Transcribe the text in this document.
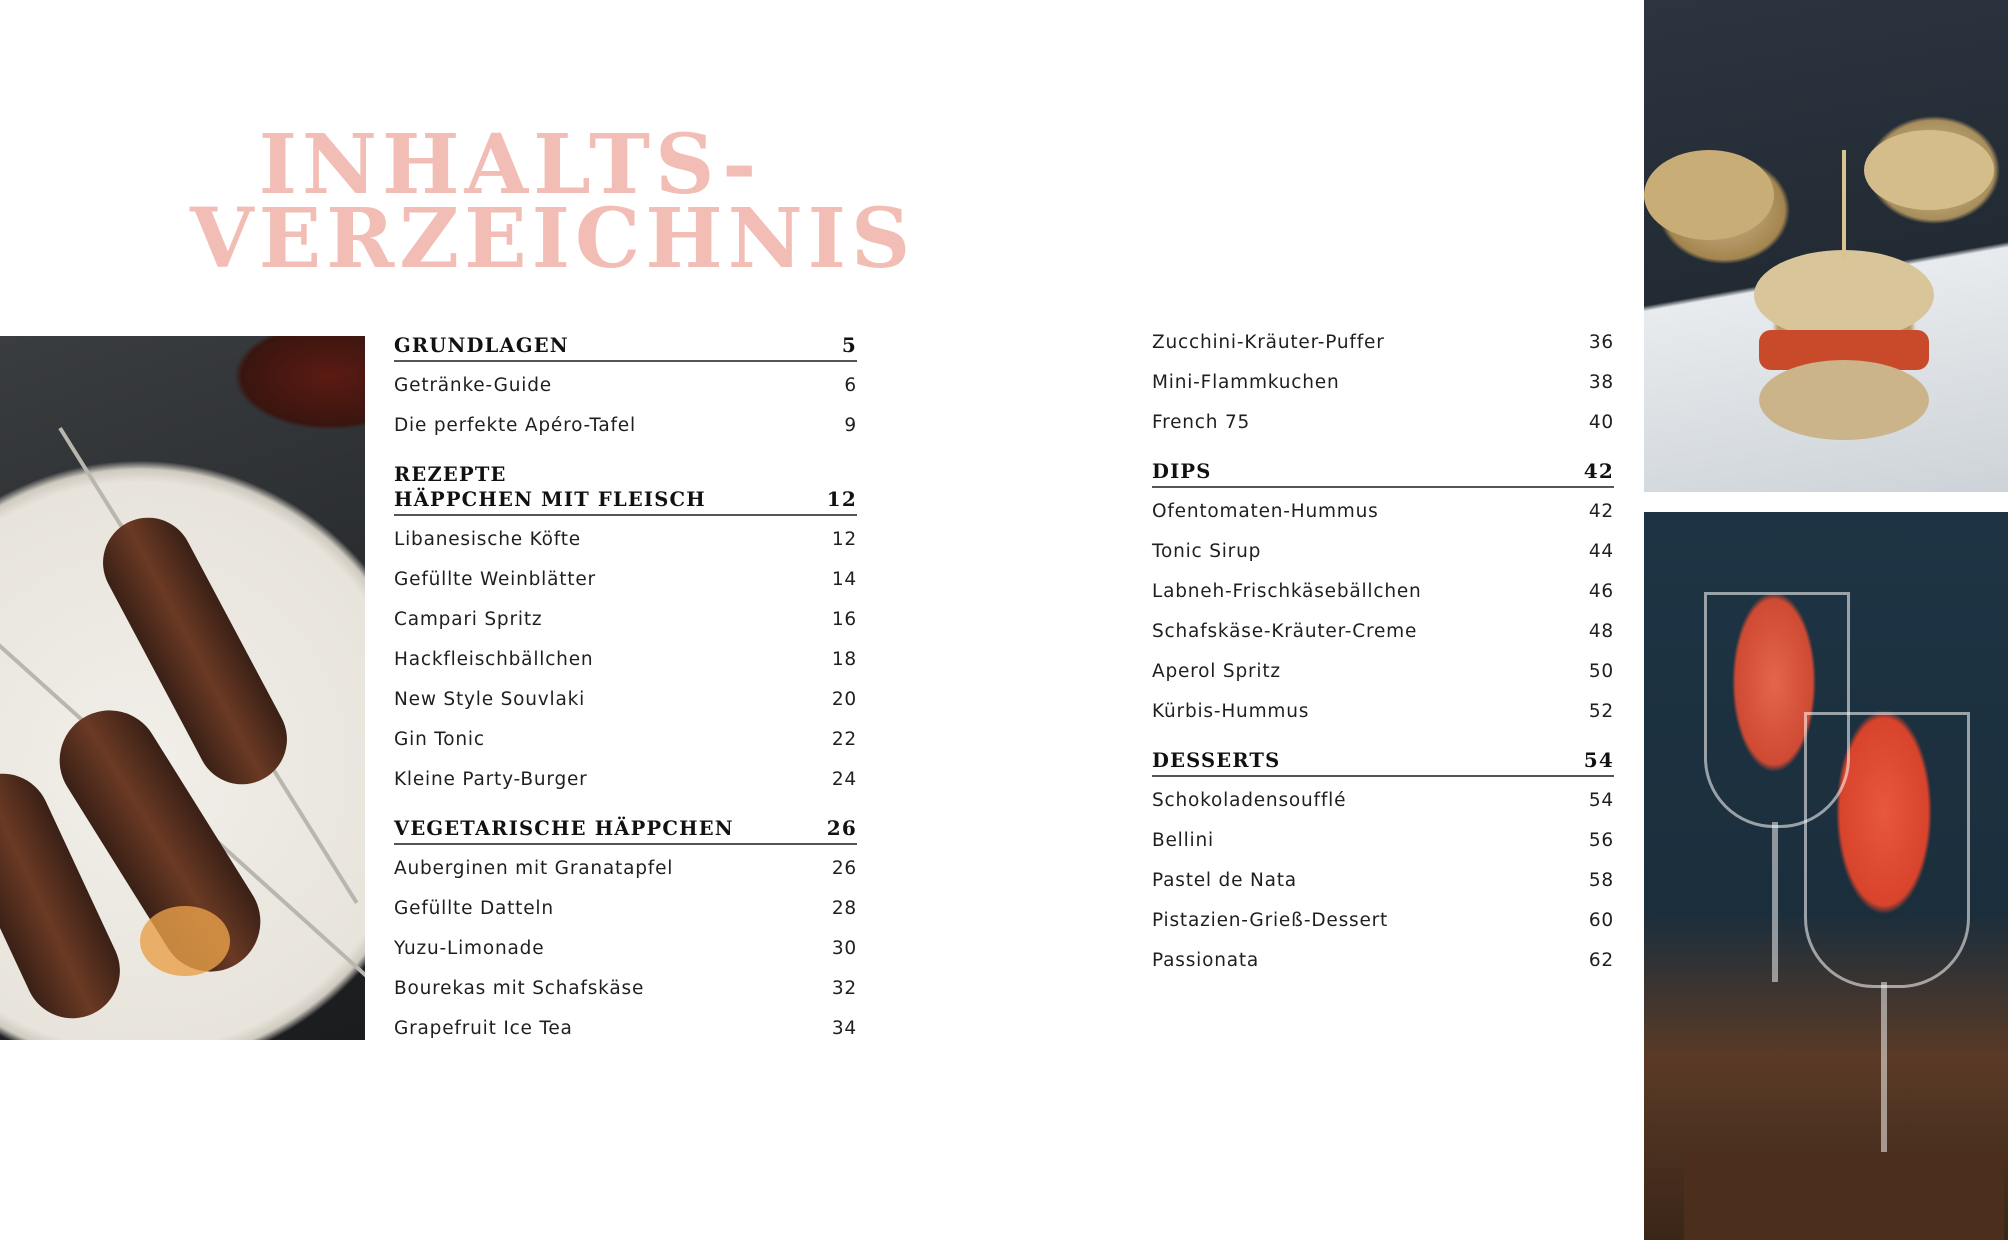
INHALTS-
VERZEICHNIS
GRUNDLAGEN	5
Getränke-Guide	6
Die perfekte Apéro-Tafel	9
REZEPTE
HÄPPCHEN MIT FLEISCH	12
Libanesische Köfte	12
Gefüllte Weinblätter	14
Campari Spritz	16
Hackfleischbällchen	18
New Style Souvlaki	20
Gin Tonic	22
Kleine Party-Burger	24
VEGETARISCHE HÄPPCHEN	26
Auberginen mit Granatapfel	26
Gefüllte Datteln	28
Yuzu-Limonade	30
Bourekas mit Schafskäse	32
Grapefruit Ice Tea	34
Zucchini-Kräuter-Puffer	36
Mini-Flammkuchen	38
French 75	40
DIPS	42
Ofentomaten-Hummus	42
Tonic Sirup	44
Labneh-Frischkäsebällchen	46
Schafskäse-Kräuter-Creme	48
Aperol Spritz	50
Kürbis-Hummus	52
DESSERTS	54
Schokoladensoufflé	54
Bellini	56
Pastel de Nata	58
Pistazien-Grieß-Dessert	60
Passionata	62
